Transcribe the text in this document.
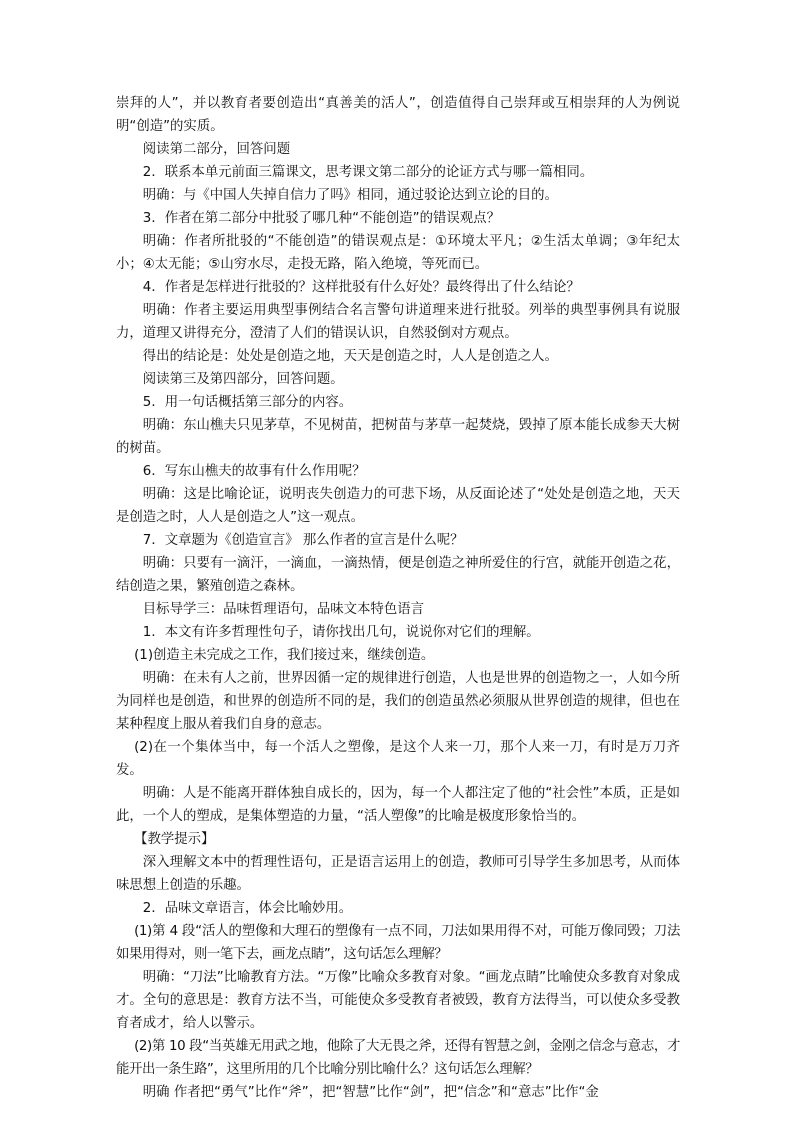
崇拜的人”，并以教育者要创造出“真善美的活人”，创造值得自己崇拜或互相崇拜的人为例说明“创造”的实质。

阅读第二部分，回答问题

2．联系本单元前面三篇课文，思考课文第二部分的论证方式与哪一篇相同。

明确：与《中国人失掉自信力了吗》相同，通过驳论达到立论的目的。

3．作者在第二部分中批驳了哪几种“不能创造”的错误观点？

明确：作者所批驳的“不能创造”的错误观点是：①环境太平凡；②生活太单调；③年纪太小；④太无能；⑤山穷水尽，走投无路，陷入绝境，等死而已。

4．作者是怎样进行批驳的？这样批驳有什么好处？最终得出了什么结论？

明确：作者主要运用典型事例结合名言警句讲道理来进行批驳。列举的典型事例具有说服力，道理又讲得充分，澄清了人们的错误认识，自然驳倒对方观点。

得出的结论是：处处是创造之地，天天是创造之时，人人是创造之人。

阅读第三及第四部分，回答问题。

5．用一句话概括第三部分的内容。

明确：东山樵夫只见茅草，不见树苗，把树苗与茅草一起焚烧，毁掉了原本能长成参天大树的树苗。

6．写东山樵夫的故事有什么作用呢？

明确：这是比喻论证，说明丧失创造力的可悲下场，从反面论述了“处处是创造之地，天天是创造之时，人人是创造之人”这一观点。

7．文章题为《创造宣言》 那么作者的宣言是什么呢？

明确：只要有一滴汗，一滴血，一滴热情，便是创造之神所爱住的行宫，就能开创造之花，结创造之果，繁殖创造之森林。

目标导学三：品味哲理语句，品味文本特色语言

1．本文有许多哲理性句子，请你找出几句，说说你对它们的理解。

(1)创造主未完成之工作，我们接过来，继续创造。

明确：在未有人之前，世界因循一定的规律进行创造，人也是世界的创造物之一，人如今所为同样也是创造，和世界的创造所不同的是，我们的创造虽然必须服从世界创造的规律，但也在某种程度上服从着我们自身的意志。

(2)在一个集体当中，每一个活人之塑像，是这个人来一刀，那个人来一刀，有时是万刀齐发。

明确：人是不能离开群体独自成长的，因为，每一个人都注定了他的“社会性”本质，正是如此，一个人的塑成，是集体塑造的力量，“活人塑像”的比喻是极度形象恰当的。

【教学提示】

深入理解文本中的哲理性语句，正是语言运用上的创造，教师可引导学生多加思考，从而体味思想上创造的乐趣。

2．品味文章语言，体会比喻妙用。

(1)第 4 段“活人的塑像和大理石的塑像有一点不同，刀法如果用得不对，可能万像同毁；刀法如果用得对，则一笔下去，画龙点睛”，这句话怎么理解？

明确：“刀法”比喻教育方法。“万像”比喻众多教育对象。“画龙点睛”比喻使众多教育对象成才。全句的意思是：教育方法不当，可能使众多受教育者被毁，教育方法得当，可以使众多受教育者成才，给人以警示。

(2)第 10 段“当英雄无用武之地，他除了大无畏之斧，还得有智慧之剑，金刚之信念与意志，才能开出一条生路”，这里所用的几个比喻分别比喻什么？这句话怎么理解？

明确 作者把“勇气”比作“斧”，把“智慧”比作“剑”，把“信念”和“意志”比作“金
